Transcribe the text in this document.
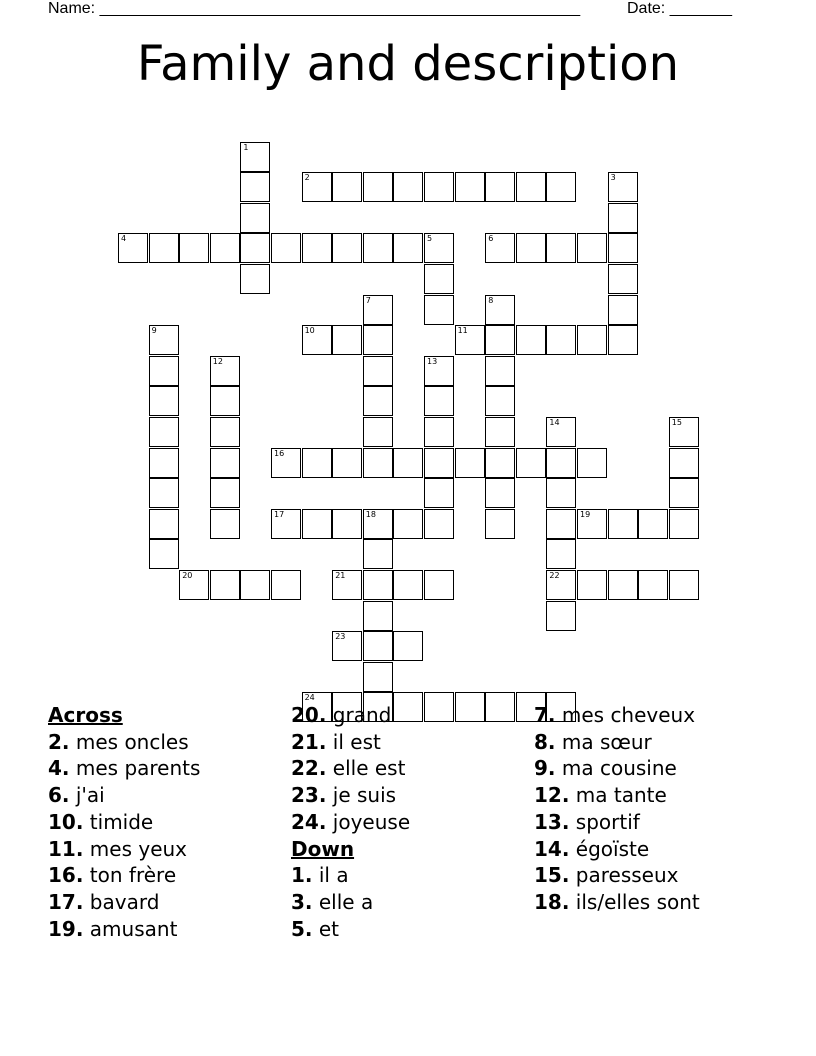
Name: ______________________________________________________	Date: _______
Family and description
1
2	3
4	5	6
7	8
9	10	11
12	13
14	15
16
17	18	19
20	21	22
23
24
Across
2. mes oncles
4. mes parents
6. j'ai
10. timide
11. mes yeux
16. ton frère
17. bavard
19. amusant
20. grand
21. il est
22. elle est
23. je suis
24. joyeuse
Down
1. il a
3. elle a
5. et
7. mes cheveux
8. ma sœur
9. ma cousine
12. ma tante
13. sportif
14. égoïste
15. paresseux
18. ils/elles sont
